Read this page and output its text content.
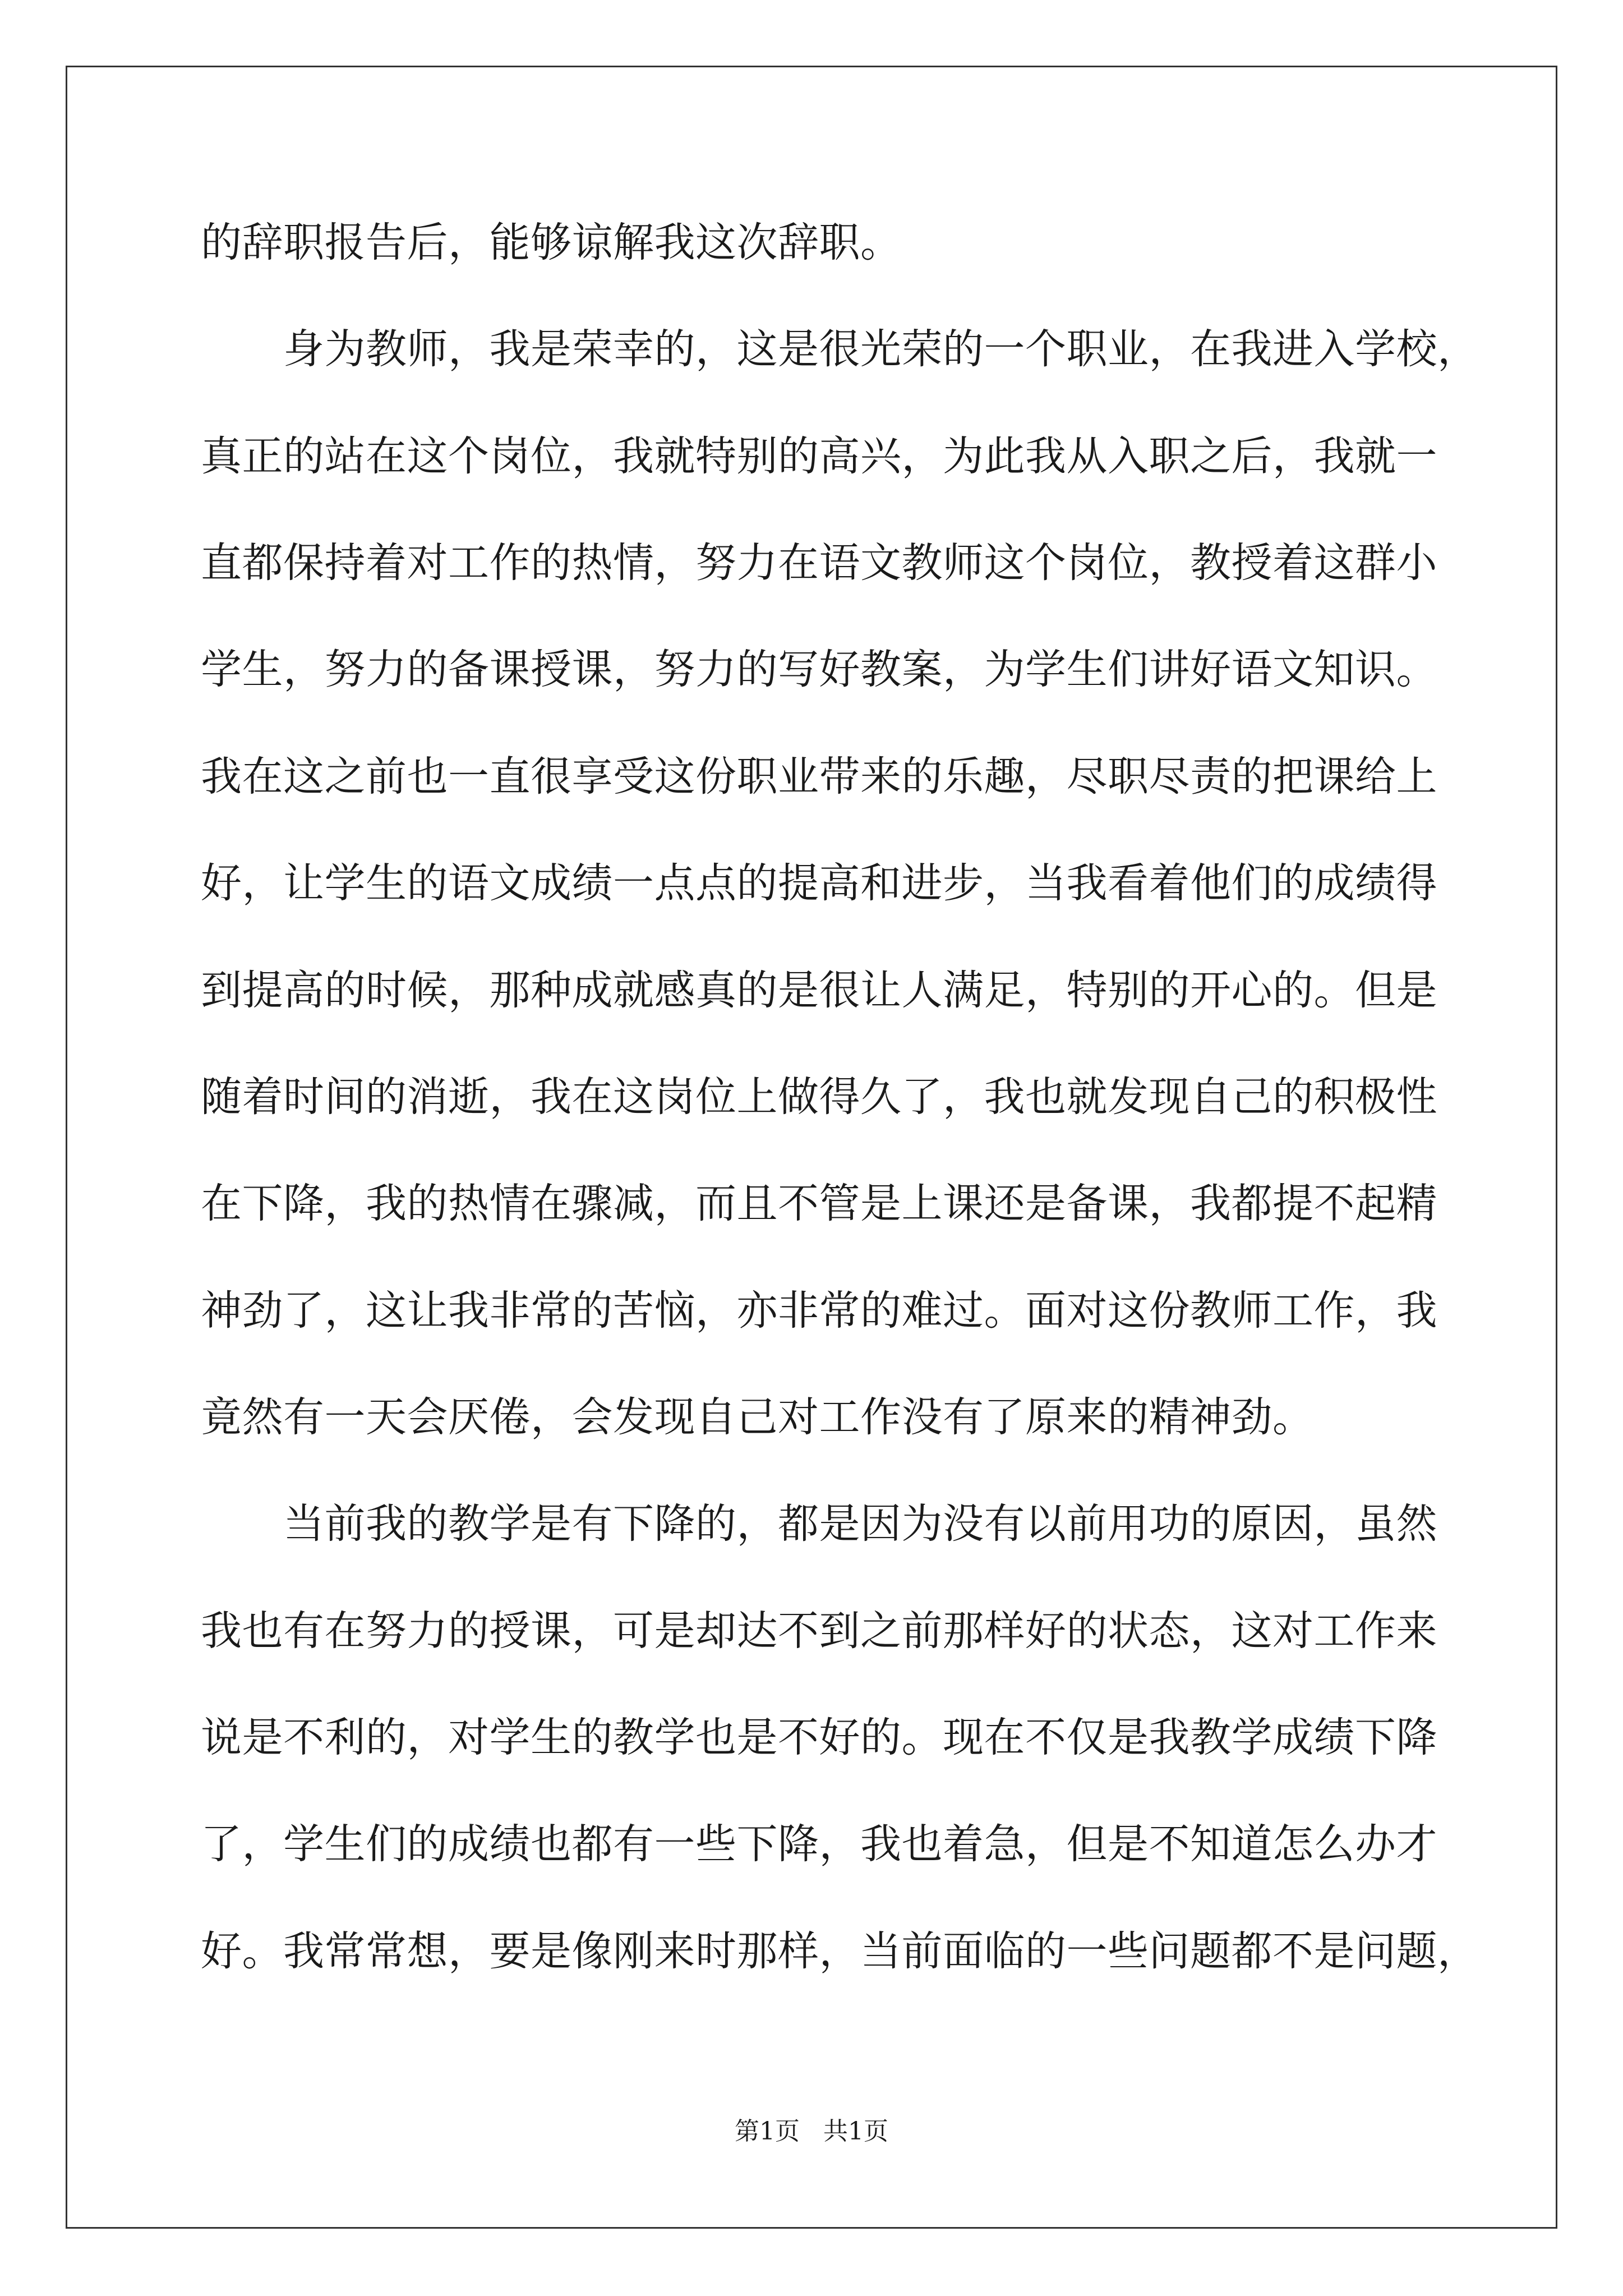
的辞职报告后，能够谅解我这次辞职。
　　身为教师，我是荣幸的，这是很光荣的一个职业，在我进入学校，
真正的站在这个岗位，我就特别的高兴，为此我从入职之后，我就一
直都保持着对工作的热情，努力在语文教师这个岗位，教授着这群小
学生，努力的备课授课，努力的写好教案，为学生们讲好语文知识。
我在这之前也一直很享受这份职业带来的乐趣，尽职尽责的把课给上
好，让学生的语文成绩一点点的提高和进步，当我看着他们的成绩得
到提高的时候，那种成就感真的是很让人满足，特别的开心的。但是
随着时间的消逝，我在这岗位上做得久了，我也就发现自己的积极性
在下降，我的热情在骤减，而且不管是上课还是备课，我都提不起精
神劲了，这让我非常的苦恼，亦非常的难过。面对这份教师工作，我
竟然有一天会厌倦，会发现自己对工作没有了原来的精神劲。
　　当前我的教学是有下降的，都是因为没有以前用功的原因，虽然
我也有在努力的授课，可是却达不到之前那样好的状态，这对工作来
说是不利的，对学生的教学也是不好的。现在不仅是我教学成绩下降
了，学生们的成绩也都有一些下降，我也着急，但是不知道怎么办才
好。我常常想，要是像刚来时那样，当前面临的一些问题都不是问题，
第1页 共1页
